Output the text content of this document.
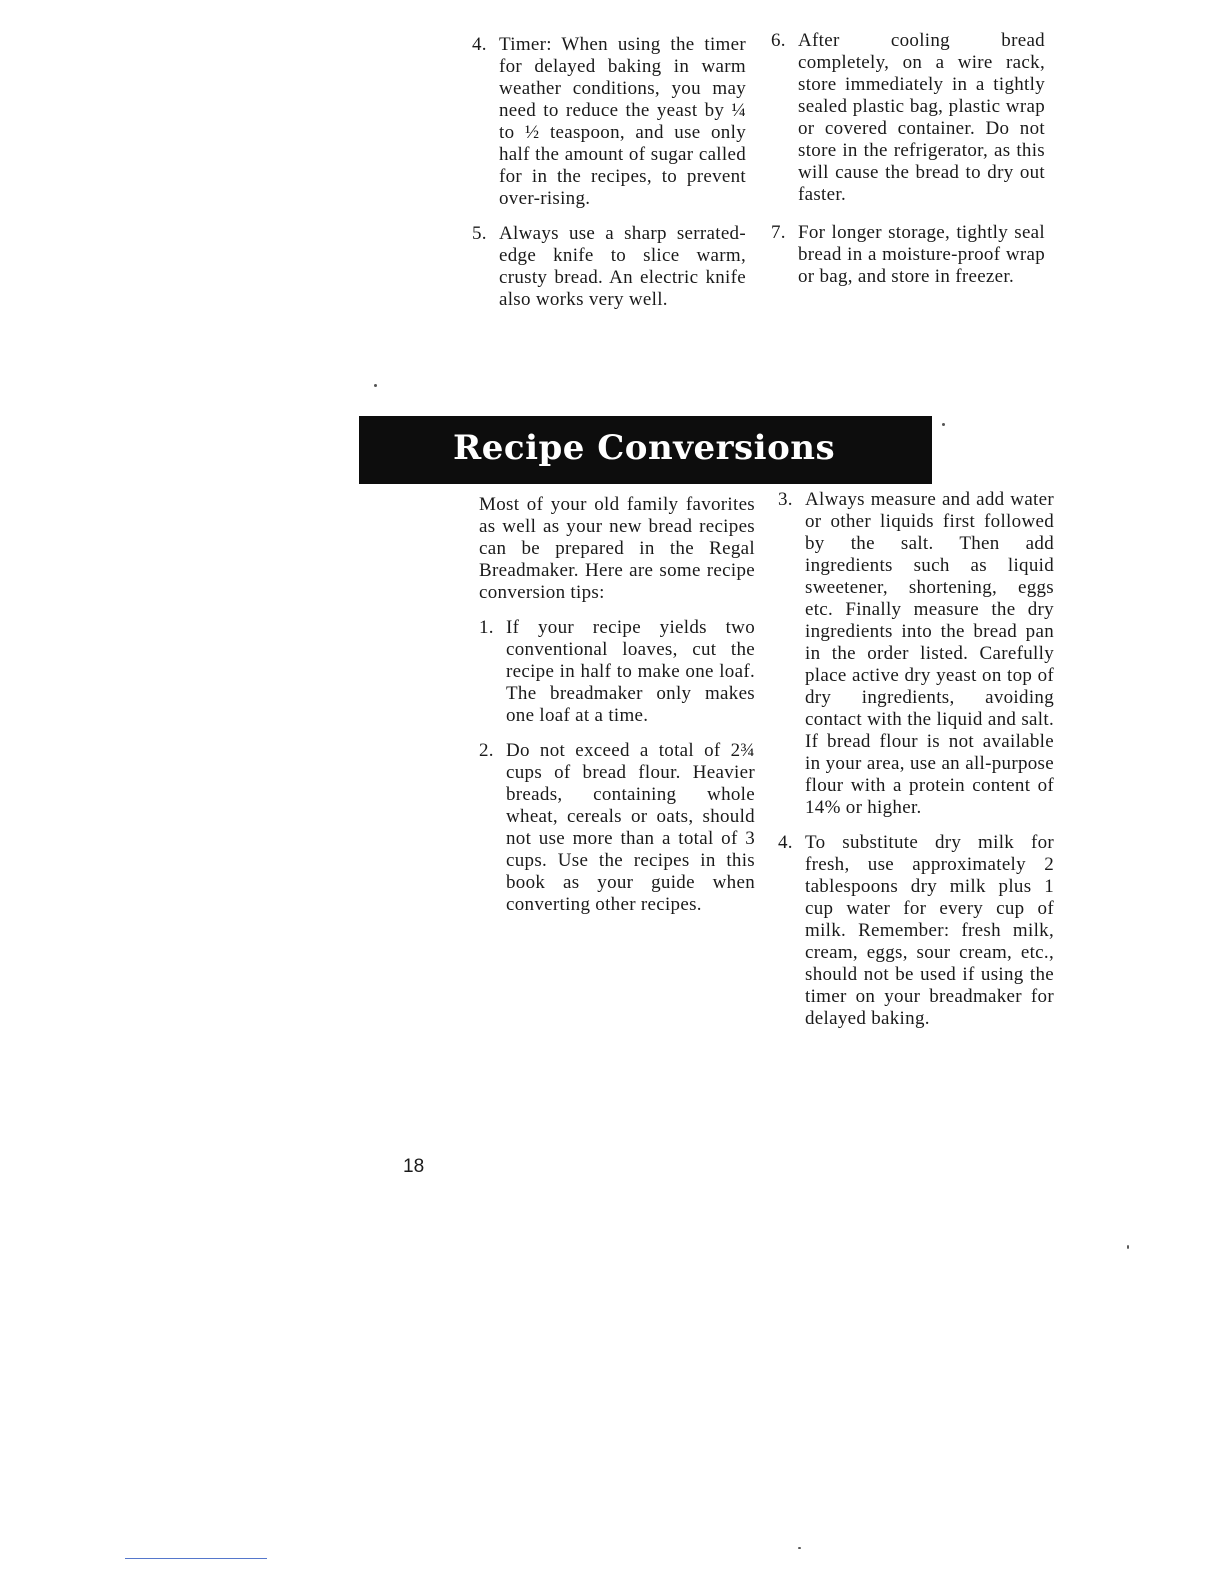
4. Timer: When using the timer for delayed baking in warm weather conditions, you may need to reduce the yeast by ¼ to ½ teaspoon, and use only half the amount of sugar called for in the recipes, to prevent over-rising.
5. Always use a sharp serrated-edge knife to slice warm, crusty bread. An electric knife also works very well.
6. After cooling bread completely, on a wire rack, store immediately in a tightly sealed plastic bag, plastic wrap or covered container. Do not store in the refrigerator, as this will cause the bread to dry out faster.
7. For longer storage, tightly seal bread in a moisture-proof wrap or bag, and store in freezer.
Recipe Conversions

Most of your old family favorites as well as your new bread recipes can be prepared in the Regal Breadmaker. Here are some recipe conversion tips:

1. If your recipe yields two conventional loaves, cut the recipe in half to make one loaf. The breadmaker only makes one loaf at a time.
2. Do not exceed a total of 2¾ cups of bread flour. Heavier breads, containing whole wheat, cereals or oats, should not use more than a total of 3 cups. Use the recipes in this book as your guide when converting other recipes.
3. Always measure and add water or other liquids first followed by the salt. Then add ingredients such as liquid sweetener, shortening, eggs etc. Finally measure the dry ingredients into the bread pan in the order listed. Carefully place active dry yeast on top of dry ingredients, avoiding contact with the liquid and salt. If bread flour is not available in your area, use an all-purpose flour with a protein content of 14% or higher.
4. To substitute dry milk for fresh, use approximately 2 tablespoons dry milk plus 1 cup water for every cup of milk. Remember: fresh milk, cream, eggs, sour cream, etc., should not be used if using the timer on your breadmaker for delayed baking.
18
